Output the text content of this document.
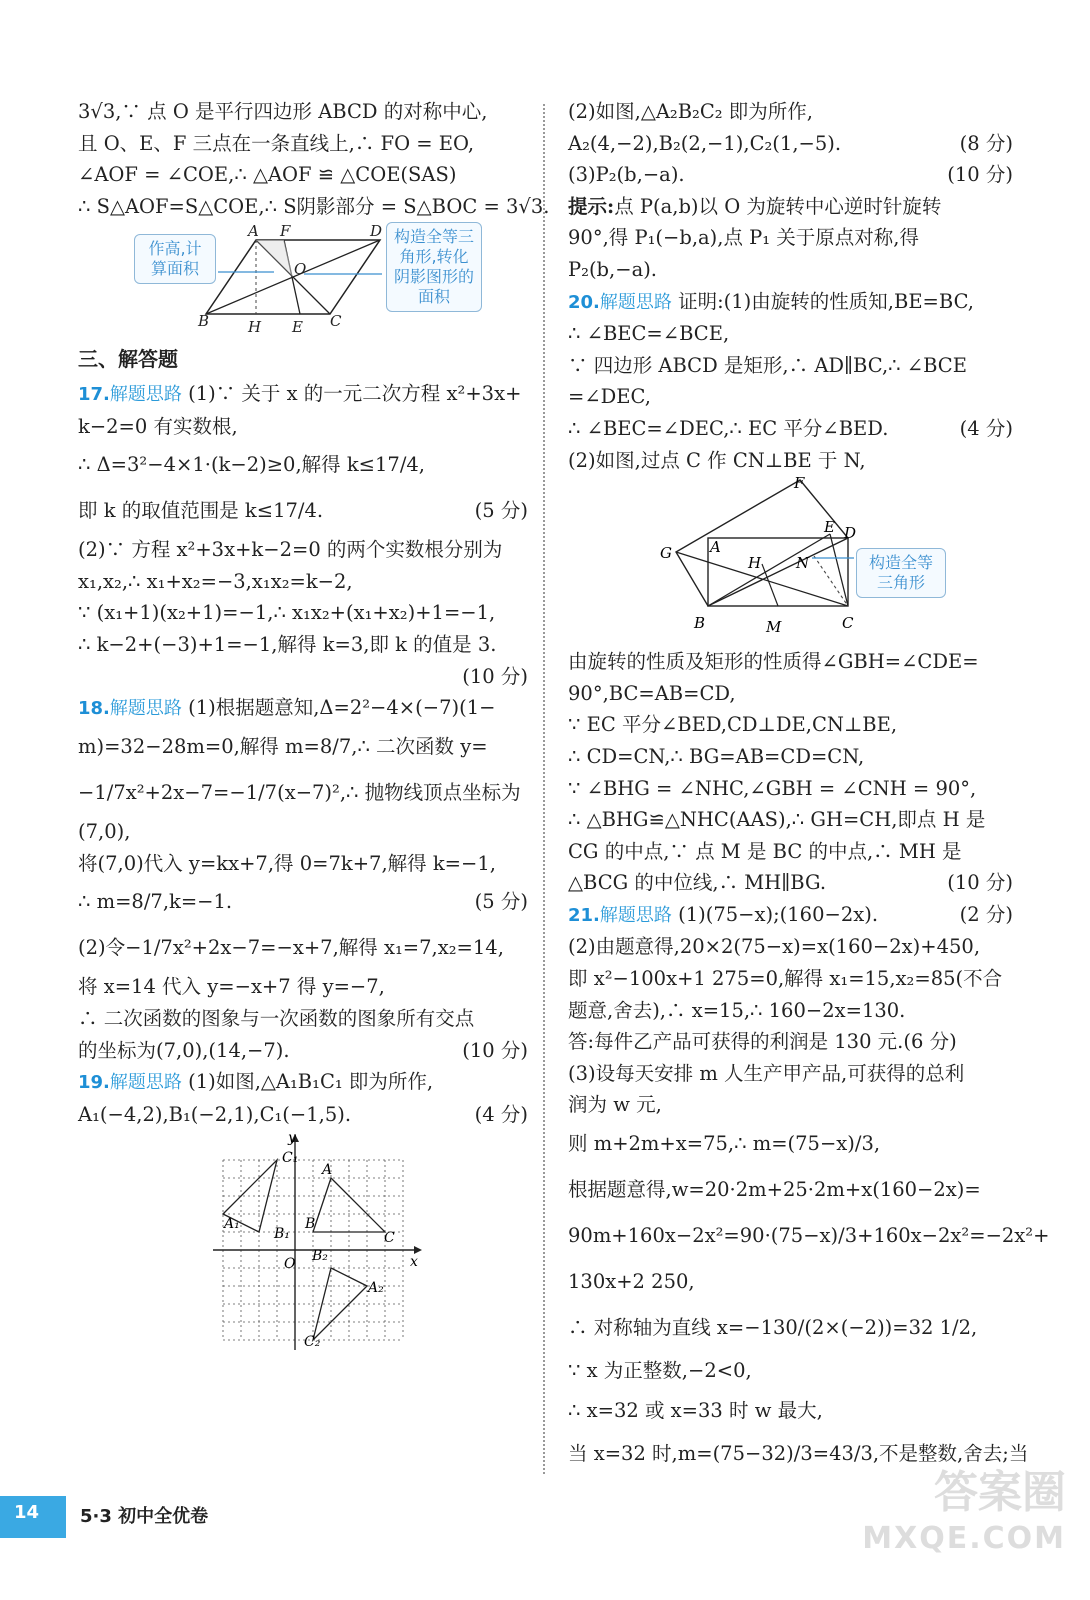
3√3,∵ 点 O 是平行四边形 ABCD 的对称中心,
且 O、E、F 三点在一条直线上,∴ FO = EO,
∠AOF = ∠COE,∴ △AOF ≌ △COE(SAS)
∴ S△AOF=S△COE,∴ S阴影部分 = S△BOC = 3√3.
作高,计算面积
A F	D
O
B	H E C
构造全等三角形,转化阴影图形的面积
三、解答题
17.解题思路 (1)∵ 关于 x 的一元二次方程 x²+3x+
k−2=0 有实数根,
∴ Δ=3²−4×1·(k−2)≥0,解得 k≤17/4,
即 k 的取值范围是 k≤17/4.	(5 分)
(2)∵ 方程 x²+3x+k−2=0 的两个实数根分别为
x₁,x₂,∴ x₁+x₂=−3,x₁x₂=k−2,
∵ (x₁+1)(x₂+1)=−1,∴ x₁x₂+(x₁+x₂)+1=−1,
∴ k−2+(−3)+1=−1,解得 k=3,即 k 的值是 3.
(10 分)
18.解题思路 (1)根据题意知,Δ=2²−4×(−7)(1−
m)=32−28m=0,解得 m=8/7,∴ 二次函数 y=
−1/7x²+2x−7=−1/7(x−7)²,∴ 抛物线顶点坐标为
(7,0),
将(7,0)代入 y=kx+7,得 0=7k+7,解得 k=−1,
∴ m=8/7,k=−1.	(5 分)
(2)令−1/7x²+2x−7=−x+7,解得 x₁=7,x₂=14,
将 x=14 代入 y=−x+7 得 y=−7,
∴ 二次函数的图象与一次函数的图象所有交点
的坐标为(7,0),(14,−7).	(10 分)
19.解题思路 (1)如图,△A₁B₁C₁ 即为所作,
A₁(−4,2),B₁(−2,1),C₁(−1,5).	(4 分)
y
C₁
A
A₁
B₁
B
C
O B₂	x
A₂
C₂
(2)如图,△A₂B₂C₂ 即为所作,
A₂(4,−2),B₂(2,−1),C₂(1,−5).	(8 分)
(3)P₂(b,−a).	(10 分)
提示:点 P(a,b)以 O 为旋转中心逆时针旋转
90°,得 P₁(−b,a),点 P₁ 关于原点对称,得
P₂(b,−a).
20.解题思路 证明:(1)由旋转的性质知,BE=BC,
∴ ∠BEC=∠BCE,
∵ 四边形 ABCD 是矩形,∴ AD∥BC,∴ ∠BCE
=∠DEC,
∴ ∠BEC=∠DEC,∴ EC 平分∠BED.	(4 分)
(2)如图,过点 C 作 CN⊥BE 于 N,
F
G	A
H
E D
N
B	M	C
构造全等三角形
由旋转的性质及矩形的性质得∠GBH=∠CDE=
90°,BC=AB=CD,
∵ EC 平分∠BED,CD⊥DE,CN⊥BE,
∴ CD=CN,∴ BG=AB=CD=CN,
∵ ∠BHG = ∠NHC,∠GBH = ∠CNH = 90°,
∴ △BHG≌△NHC(AAS),∴ GH=CH,即点 H 是
CG 的中点,∵ 点 M 是 BC 的中点,∴ MH 是
△BCG 的中位线,∴ MH∥BG.	(10 分)
21.解题思路 (1)(75−x);(160−2x).	(2 分)
(2)由题意得,20×2(75−x)=x(160−2x)+450,
即 x²−100x+1 275=0,解得 x₁=15,x₂=85(不合
题意,舍去),∴ x=15,∴ 160−2x=130.
答:每件乙产品可获得的利润是 130 元.(6 分)
(3)设每天安排 m 人生产甲产品,可获得的总利
润为 w 元,
则 m+2m+x=75,∴ m=(75−x)/3,
根据题意得,w=20·2m+25·2m+x(160−2x)=
90m+160x−2x²=90·(75−x)/3+160x−2x²=−2x²+
130x+2 250,
∴ 对称轴为直线 x=−130/(2×(−2))=32 1/2,
∵ x 为正整数,−2<0,
∴ x=32 或 x=33 时 w 最大,
当 x=32 时,m=(75−32)/3=43/3,不是整数,舍去;当
14 5·3 初中全优卷	答案圈
MXQE.COM
